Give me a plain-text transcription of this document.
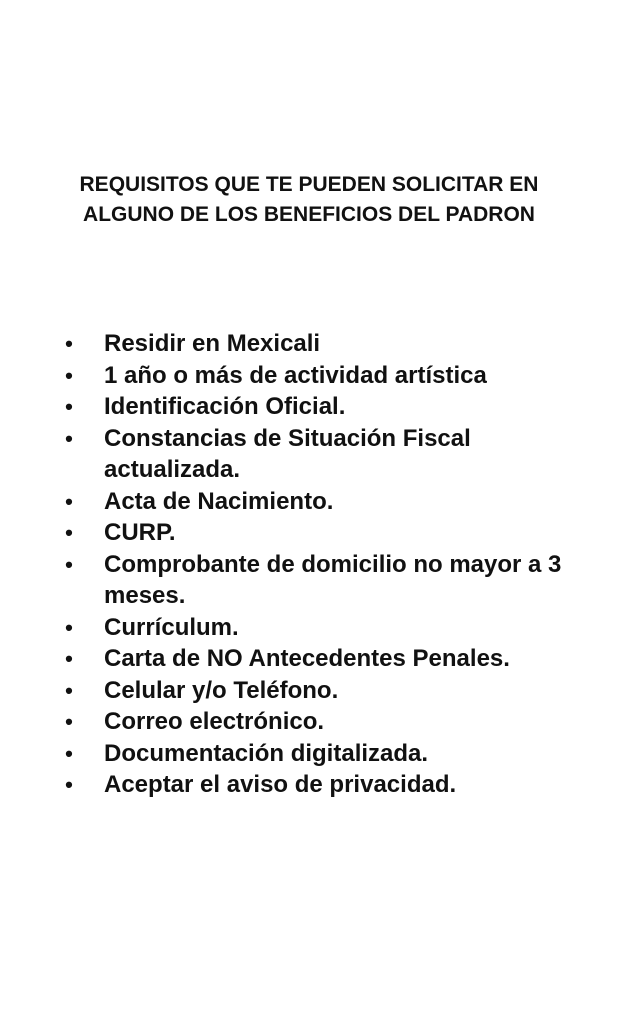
REQUISITOS QUE TE PUEDEN SOLICITAR EN
ALGUNO DE LOS BENEFICIOS DEL PADRON
• Residir en Mexicali
• 1 año o más de actividad artística
• Identificación Oficial.
• Constancias de Situación Fiscal actualizada.
• Acta de Nacimiento.
• CURP.
• Comprobante de domicilio no mayor a 3 meses.
• Currículum.
• Carta de NO Antecedentes Penales.
• Celular y/o Teléfono.
• Correo electrónico.
• Documentación digitalizada.
• Aceptar el aviso de privacidad.
